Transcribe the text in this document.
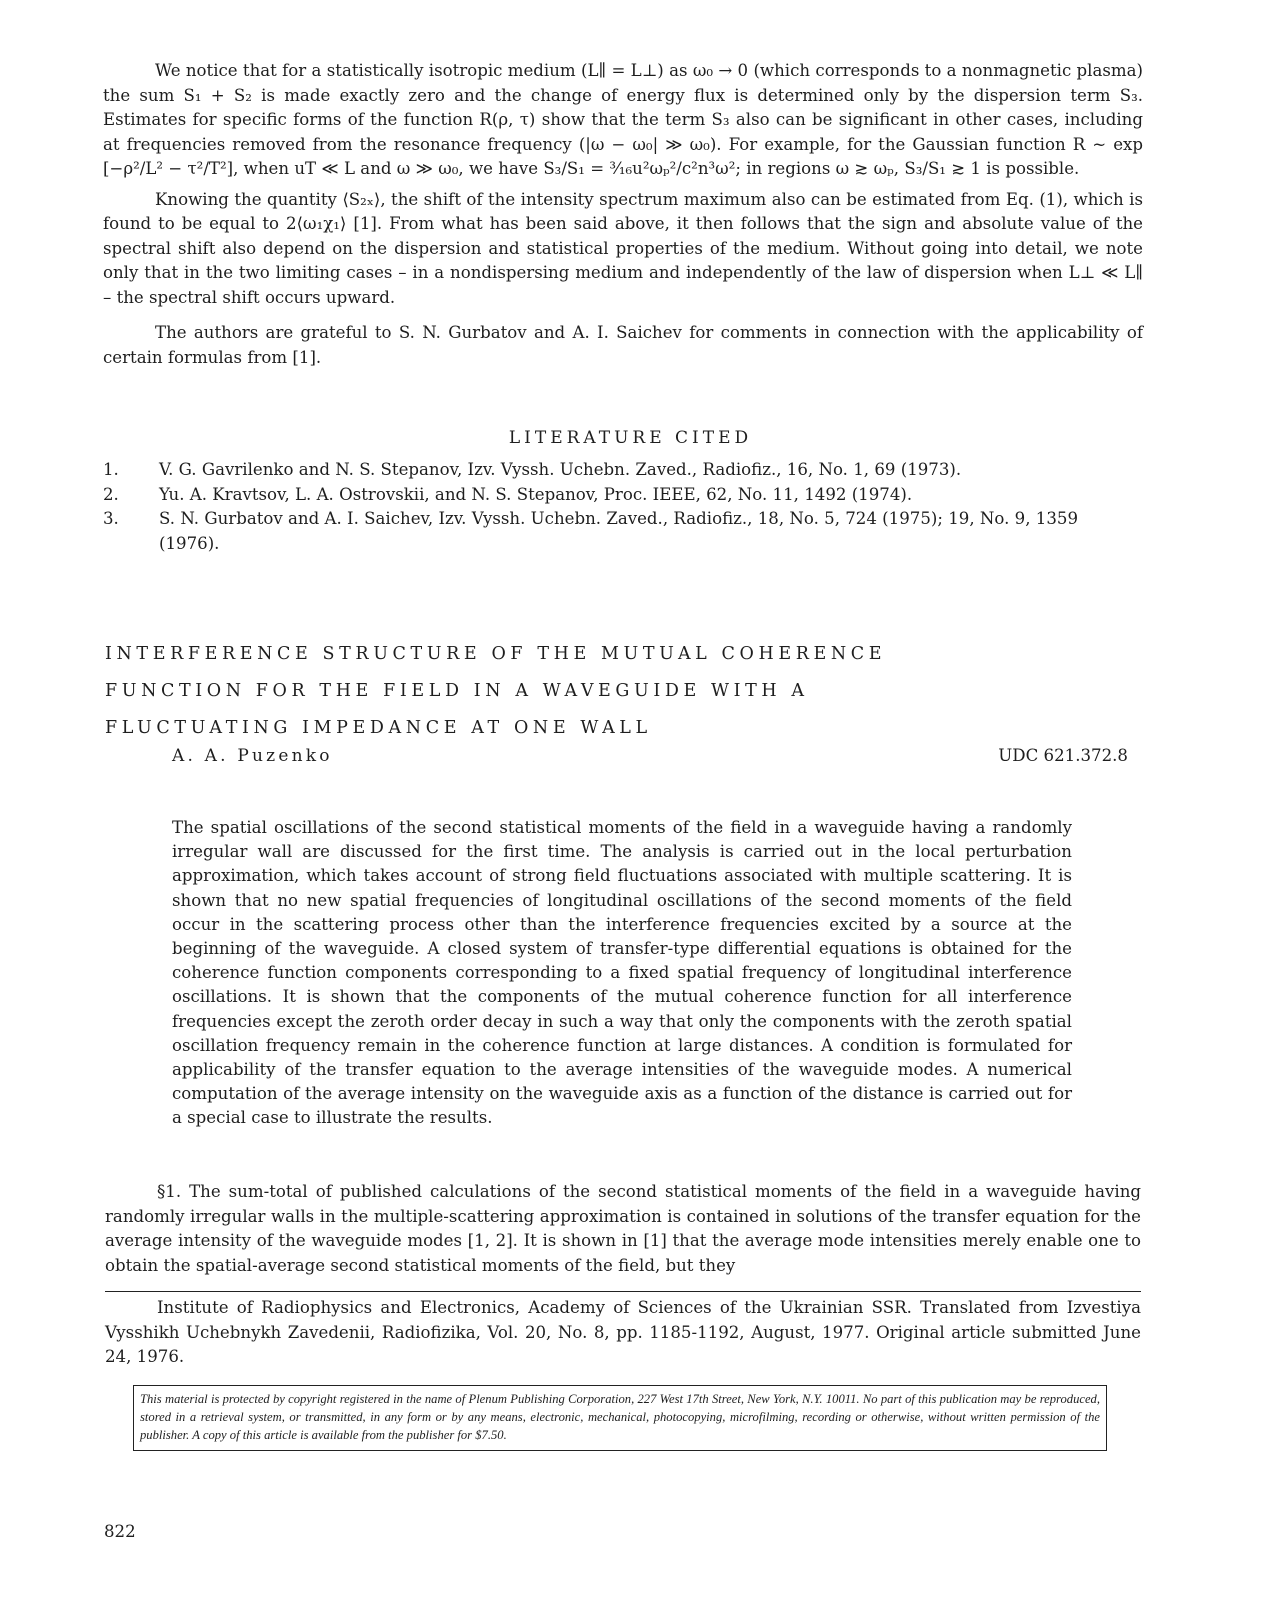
We notice that for a statistically isotropic medium (L∥ = L⊥) as ω₀ → 0 (which corresponds to a nonmagnetic plasma) the sum S₁ + S₂ is made exactly zero and the change of energy flux is determined only by the dispersion term S₃. Estimates for specific forms of the function R(ρ, τ) show that the term S₃ also can be significant in other cases, including at frequencies removed from the resonance frequency (|ω − ω₀| ≫ ω₀). For example, for the Gaussian function R ~ exp [−ρ²/L² − τ²/T²], when uT ≪ L and ω ≫ ω₀, we have S₃/S₁ = ³⁄₁₆u²ωₚ²/c²n³ω²; in regions ω ≳ ωₚ, S₃/S₁ ≳ 1 is possible.

Knowing the quantity ⟨S₂ₓ⟩, the shift of the intensity spectrum maximum also can be estimated from Eq. (1), which is found to be equal to 2⟨ω₁χ₁⟩ [1]. From what has been said above, it then follows that the sign and absolute value of the spectral shift also depend on the dispersion and statistical properties of the medium. Without going into detail, we note only that in the two limiting cases – in a nondispersing medium and independently of the law of dispersion when L⊥ ≪ L∥ – the spectral shift occurs upward.

The authors are grateful to S. N. Gurbatov and A. I. Saichev for comments in connection with the applicability of certain formulas from [1].

LITERATURE CITED
1.	V. G. Gavrilenko and N. S. Stepanov, Izv. Vyssh. Uchebn. Zaved., Radiofiz., 16, No. 1, 69 (1973).
2.	Yu. A. Kravtsov, L. A. Ostrovskii, and N. S. Stepanov, Proc. IEEE, 62, No. 11, 1492 (1974).
3.	S. N. Gurbatov and A. I. Saichev, Izv. Vyssh. Uchebn. Zaved., Radiofiz., 18, No. 5, 724 (1975); 19, No. 9, 1359 (1976).
INTERFERENCE STRUCTURE OF THE MUTUAL COHERENCE
FUNCTION FOR THE FIELD IN A WAVEGUIDE WITH A
FLUCTUATING IMPEDANCE AT ONE WALL
A. A. Puzenko	UDC 621.372.8
The spatial oscillations of the second statistical moments of the field in a waveguide having a randomly irregular wall are discussed for the first time. The analysis is carried out in the local perturbation approximation, which takes account of strong field fluctuations associated with multiple scattering. It is shown that no new spatial frequencies of longitudinal oscillations of the second moments of the field occur in the scattering process other than the interference frequencies excited by a source at the beginning of the waveguide. A closed system of transfer-type differential equations is obtained for the coherence function components corresponding to a fixed spatial frequency of longitudinal interference oscillations. It is shown that the components of the mutual coherence function for all interference frequencies except the zeroth order decay in such a way that only the components with the zeroth spatial oscillation frequency remain in the coherence function at large distances. A condition is formulated for applicability of the transfer equation to the average intensities of the waveguide modes. A numerical computation of the average intensity on the waveguide axis as a function of the distance is carried out for a special case to illustrate the results.

§1. The sum-total of published calculations of the second statistical moments of the field in a waveguide having randomly irregular walls in the multiple-scattering approximation is contained in solutions of the transfer equation for the average intensity of the waveguide modes [1, 2]. It is shown in [1] that the average mode intensities merely enable one to obtain the spatial-average second statistical moments of the field, but they

Institute of Radiophysics and Electronics, Academy of Sciences of the Ukrainian SSR. Translated from Izvestiya Vysshikh Uchebnykh Zavedenii, Radiofizika, Vol. 20, No. 8, pp. 1185-1192, August, 1977. Original article submitted June 24, 1976.

This material is protected by copyright registered in the name of Plenum Publishing Corporation, 227 West 17th Street, New York, N.Y. 10011. No part of this publication may be reproduced, stored in a retrieval system, or transmitted, in any form or by any means, electronic, mechanical, photocopying, microfilming, recording or otherwise, without written permission of the publisher. A copy of this article is available from the publisher for $7.50.
822
